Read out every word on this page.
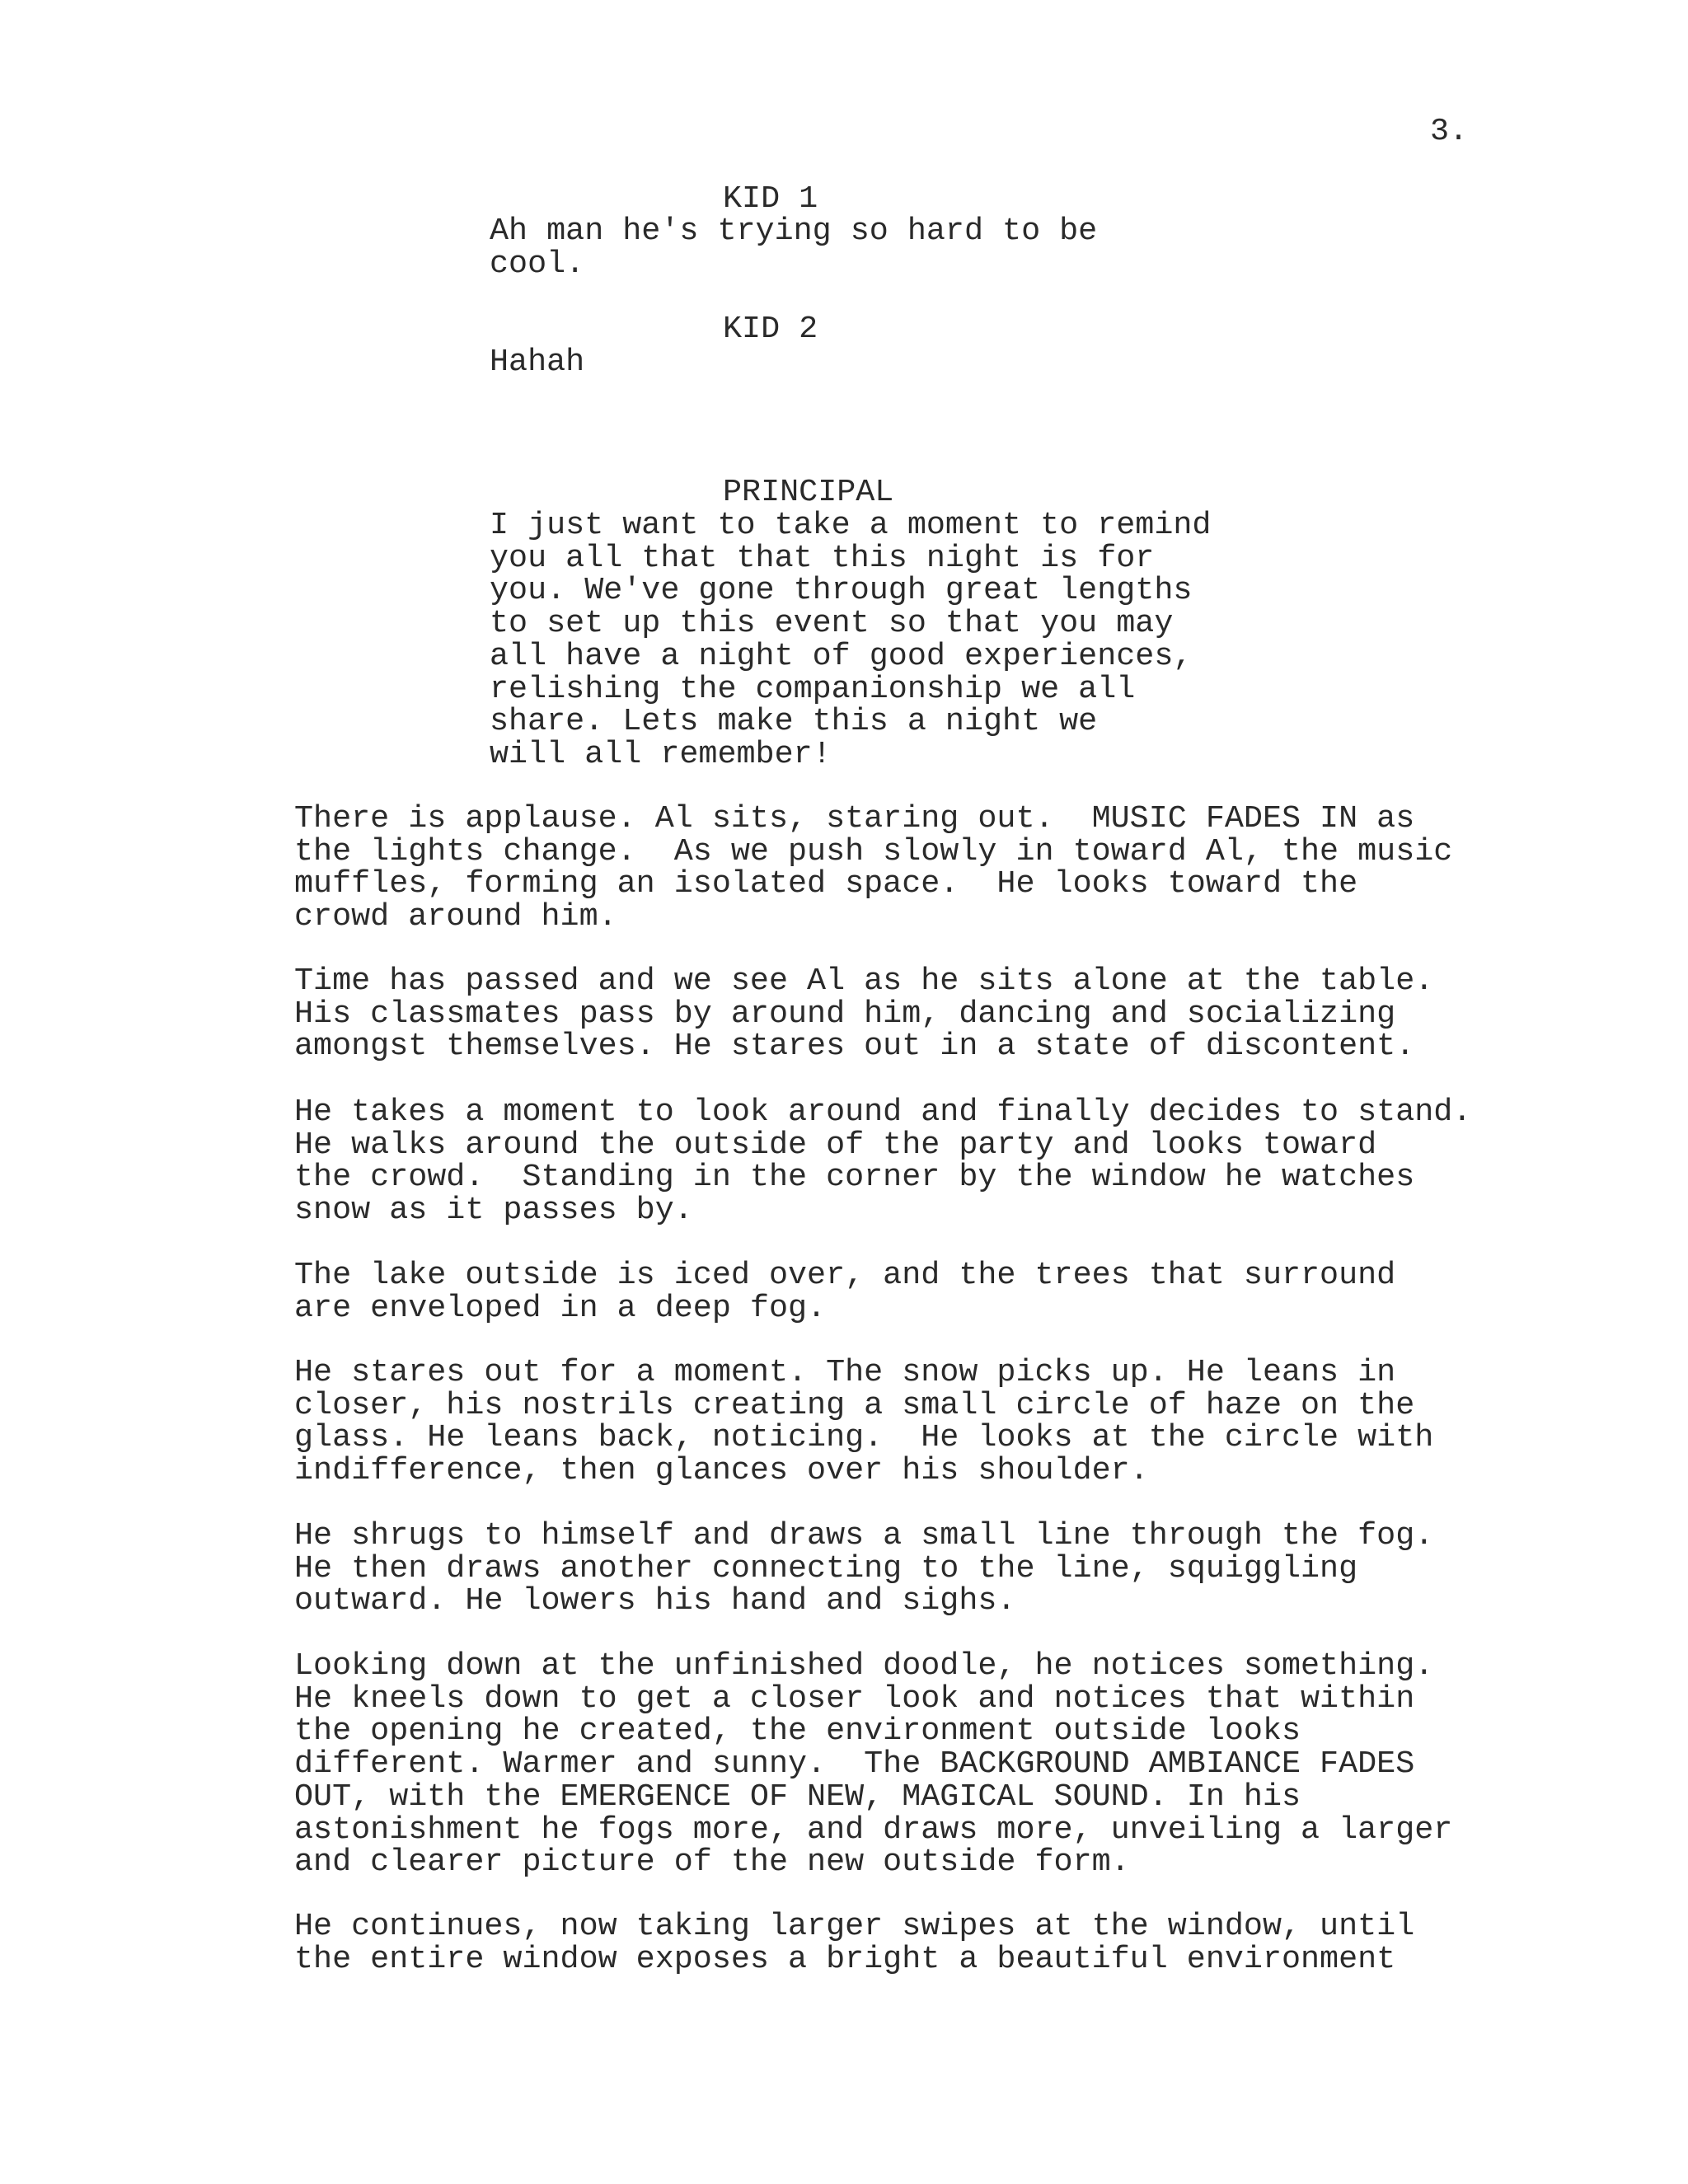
3.

KID 1

Ah man he's trying so hard to be
cool.

KID 2

Hahah

PRINCIPAL

I just want to take a moment to remind
you all that that this night is for
you. We've gone through great lengths
to set up this event so that you may
all have a night of good experiences,
relishing the companionship we all
share. Lets make this a night we
will all remember!

There is applause. Al sits, staring out.  MUSIC FADES IN as
the lights change.  As we push slowly in toward Al, the music
muffles, forming an isolated space.  He looks toward the
crowd around him.

Time has passed and we see Al as he sits alone at the table.
His classmates pass by around him, dancing and socializing
amongst themselves. He stares out in a state of discontent.

He takes a moment to look around and finally decides to stand.
He walks around the outside of the party and looks toward
the crowd.  Standing in the corner by the window he watches
snow as it passes by.

The lake outside is iced over, and the trees that surround
are enveloped in a deep fog.

He stares out for a moment. The snow picks up. He leans in
closer, his nostrils creating a small circle of haze on the
glass. He leans back, noticing.  He looks at the circle with
indifference, then glances over his shoulder.

He shrugs to himself and draws a small line through the fog.
He then draws another connecting to the line, squiggling
outward. He lowers his hand and sighs.

Looking down at the unfinished doodle, he notices something.
He kneels down to get a closer look and notices that within
the opening he created, the environment outside looks
different. Warmer and sunny.  The BACKGROUND AMBIANCE FADES
OUT, with the EMERGENCE OF NEW, MAGICAL SOUND. In his
astonishment he fogs more, and draws more, unveiling a larger
and clearer picture of the new outside form.

He continues, now taking larger swipes at the window, until
the entire window exposes a bright a beautiful environment
